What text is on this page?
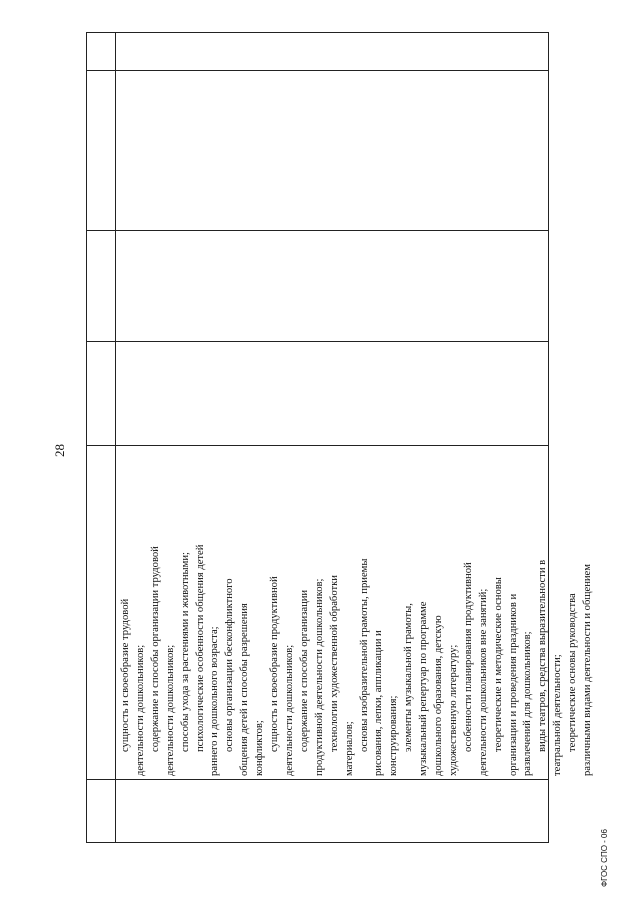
28
сущность и своеобразие трудовой деятельности дошкольников; содержание и способы организации трудовой деятельности дошкольников; способы ухода за растениями и животными; психологические особенности общения детей раннего и дошкольного возраста; основы организации бесконфликтного общения детей и способы разрешения конфликтов; сущность и своеобразие продуктивной деятельности дошкольников; содержание и способы организации продуктивной деятельности дошкольников; технологии художественной обработки материалов; основы изобразительной грамоты, приемы рисования, лепки, аппликации и конструирования; элементы музыкальной грамоты, музыкальный репертуар по программе дошкольного образования, детскую художественную литературу; особенности планирования продуктивной деятельности дошкольников вне занятий; теоретические и методические основы организации и проведения праздников и развлечений для дошкольников; виды театров, средства выразительности в театральной деятельности; теоретические основы руководства различными видами деятельности и общением
ФГОС СПО - 06
